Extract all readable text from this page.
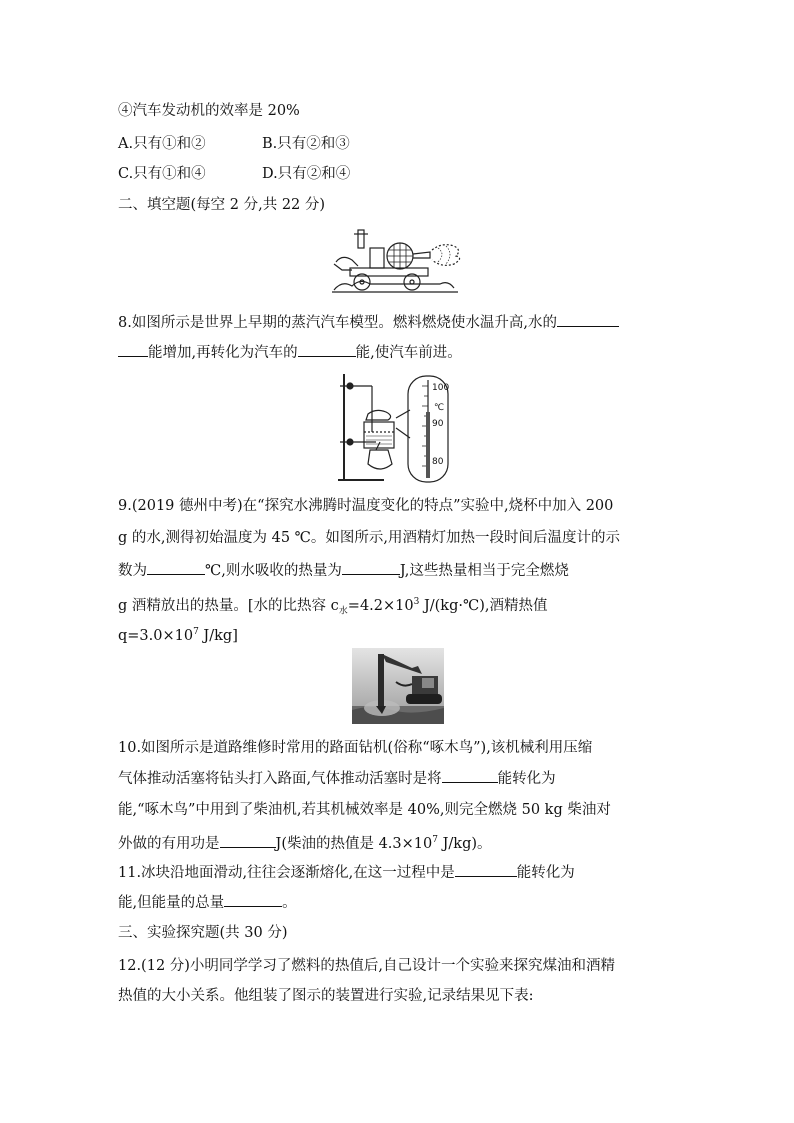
④汽车发动机的效率是 20%
A.只有①和②	B.只有②和③
C.只有①和④	D.只有②和④
二、填空题(每空 2 分,共 22 分)
8.如图所示是世界上早期的蒸汽汽车模型。燃料燃烧使水温升高,水的
能增加,再转化为汽车的	能,使汽车前进。
100
℃
90
80
9.(2019 德州中考)在“探究水沸腾时温度变化的特点”实验中,烧杯中加入 200
g 的水,测得初始温度为 45 ℃。如图所示,用酒精灯加热一段时间后温度计的示
数为	℃,则水吸收的热量为	J,这些热量相当于完全燃烧
g 酒精放出的热量。[水的比热容 $c_水=4.2\times 10^3$ J/(kg·℃),酒精热值
$q=3.0\times 10^7$ J/kg]
10.如图所示是道路维修时常用的路面钻机(俗称“啄木鸟”),该机械利用压缩
气体推动活塞将钻头打入路面,气体推动活塞时是将	能转化为
能,“啄木鸟”中用到了柴油机,若其机械效率是 40%,则完全燃烧 50 kg 柴油对
外做的有用功是	J(柴油的热值是 $4.3\times 10^7$ J/kg)。
11.冰块沿地面滑动,往往会逐渐熔化,在这一过程中是	能转化为
能,但能量的总量	。
三、实验探究题(共 30 分)
12.(12 分)小明同学学习了燃料的热值后,自己设计一个实验来探究煤油和酒精
热值的大小关系。他组装了图示的装置进行实验,记录结果见下表:
